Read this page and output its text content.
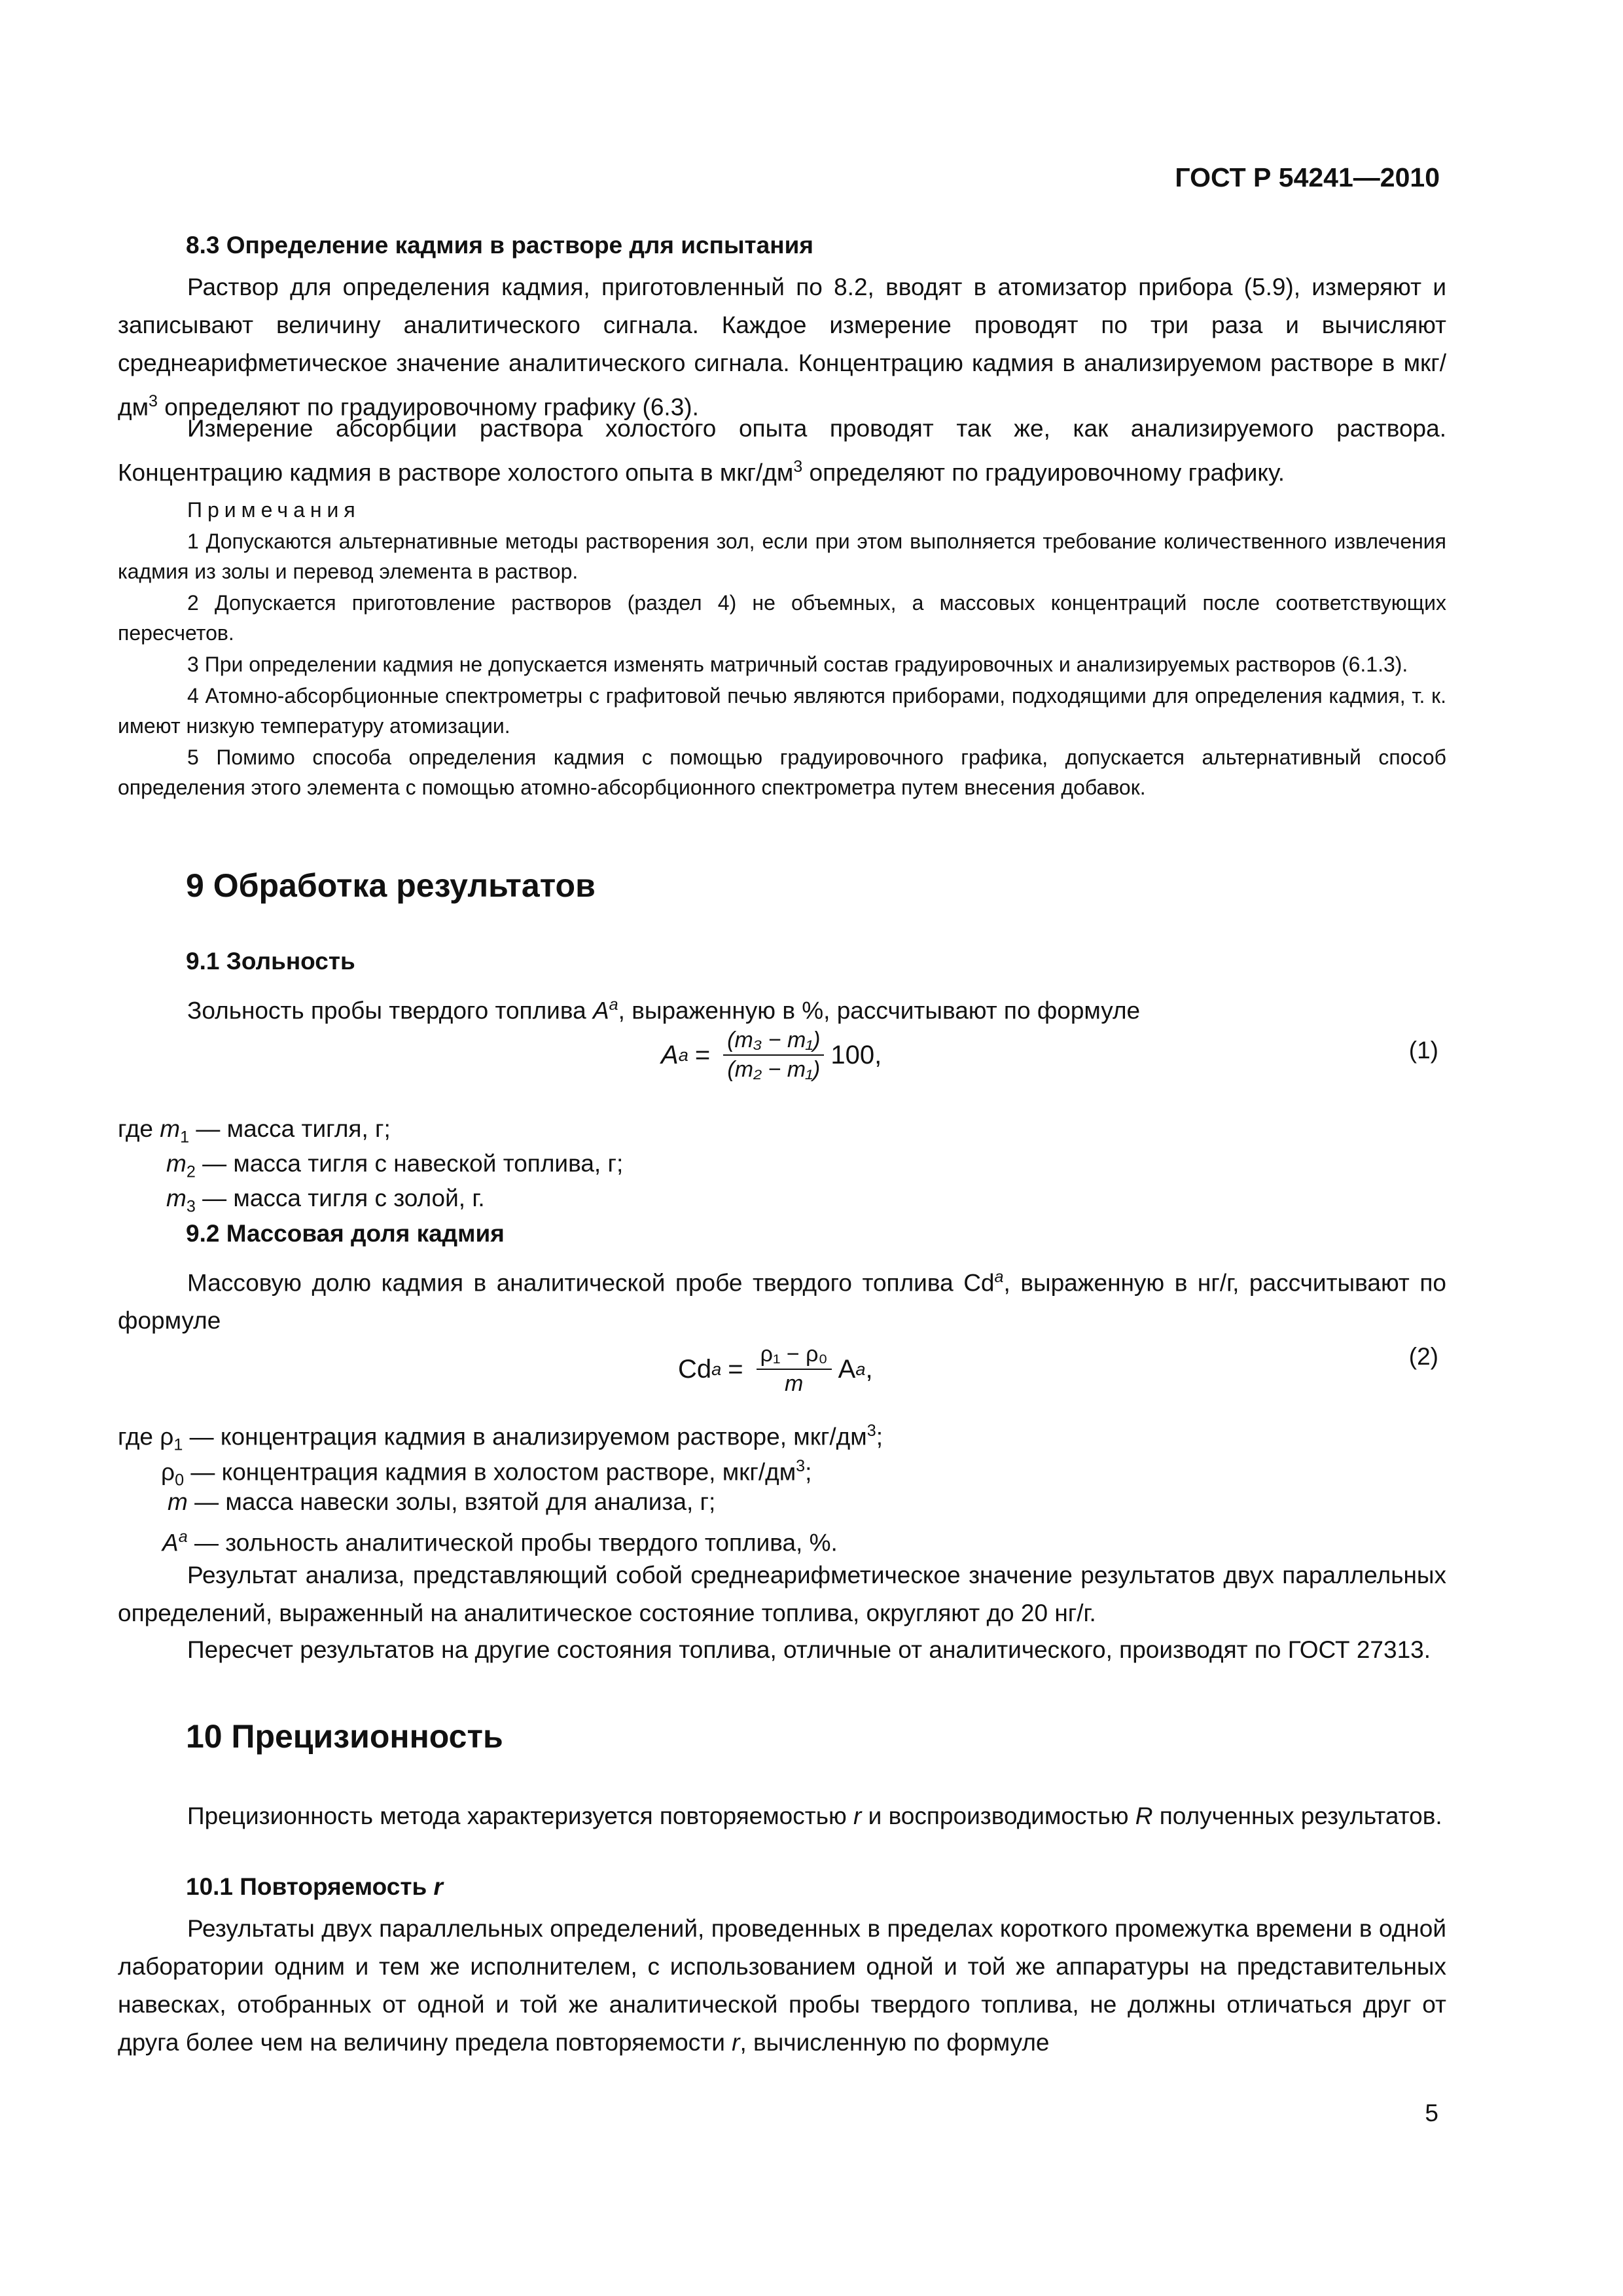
ГОСТ Р 54241—2010
8.3 Определение кадмия в растворе для испытания

Раствор для определения кадмия, приготовленный по 8.2, вводят в атомизатор прибора (5.9), измеряют и записывают величину аналитического сигнала. Каждое измерение проводят по три раза и вычисляют среднеарифметическое значение аналитического сигнала. Концентрацию кадмия в анализируемом растворе в мкг/$дм^3$ определяют по градуировочному графику (6.3).

Измерение абсорбции раствора холостого опыта проводят так же, как анализируемого раствора. Концентрацию кадмия в растворе холостого опыта в мкг/$дм^3$ определяют по градуировочному графику.

Примечания

1 Допускаются альтернативные методы растворения зол, если при этом выполняется требование количественного извлечения кадмия из золы и перевод элемента в раствор.

2 Допускается приготовление растворов (раздел 4) не объемных, а массовых концентраций после соответствующих пересчетов.

3 При определении кадмия не допускается изменять матричный состав градуировочных и анализируемых растворов (6.1.3).

4 Атомно-абсорбционные спектрометры с графитовой печью являются приборами, подходящими для определения кадмия, т. к. имеют низкую температуру атомизации.

5 Помимо способа определения кадмия с помощью градуировочного графика, допускается альтернативный способ определения этого элемента с помощью атомно-абсорбционного спектрометра путем внесения добавок.

9 Обработка результатов
9.1 Зольность

Зольность пробы твердого топлива $A^a$, выраженную в %, рассчитывают по формуле

A $a = \frac{\text{(m₃ − m₁)}}{\text{(m₂ − m₁)}} 100$,	(1)
где $m_1$ — масса тигля, г;
$m_2$ — масса тигля с навеской топлива, г;
$m_3$ — масса тигля с золой, г.
9.2 Массовая доля кадмия

Массовую долю кадмия в аналитической пробе твердого топлива Cd$^a$, выраженную в нг/г, рассчитывают по формуле

Cd $a = \frac{\text{ρ₁ − ρ₀}}{m}$ A a ,	(2)
где $\rho_1$ — концентрация кадмия в анализируемом растворе, мкг/$дм^3$;
$\rho_0$ — концентрация кадмия в холостом растворе, мкг/$дм^3$;
m — масса навески золы, взятой для анализа, г;
$A^a$ — зольность аналитической пробы твердого топлива, %.

Результат анализа, представляющий собой среднеарифметическое значение результатов двух параллельных определений, выраженный на аналитическое состояние топлива, округляют до 20 нг/г.

Пересчет результатов на другие состояния топлива, отличные от аналитического, производят по ГОСТ 27313.

10 Прецизионность

Прецизионность метода характеризуется повторяемостью r и воспроизводимостью R полученных результатов.

10.1 Повторяемость r

Результаты двух параллельных определений, проведенных в пределах короткого промежутка времени в одной лаборатории одним и тем же исполнителем, с использованием одной и той же аппаратуры на представительных навесках, отобранных от одной и той же аналитической пробы твердого топлива, не должны отличаться друг от друга более чем на величину предела повторяемости r, вычисленную по формуле

5
